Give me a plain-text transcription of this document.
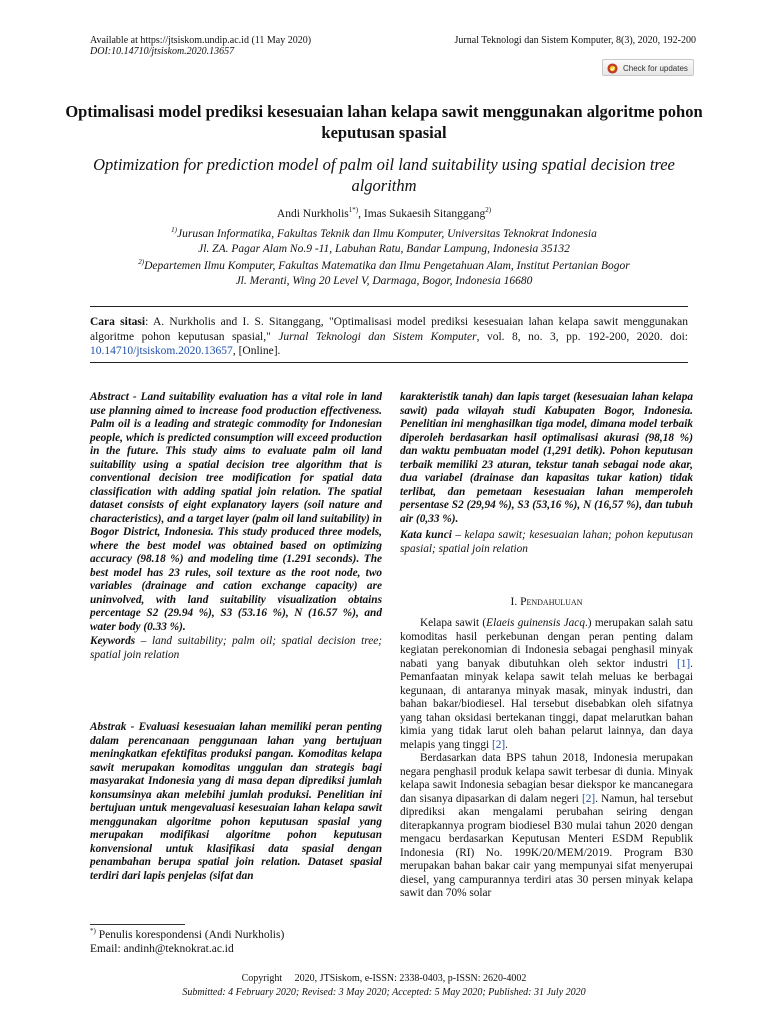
Available at https://jtsiskom.undip.ac.id (11 May 2020)
DOI:10.14710/jtsiskom.2020.13657
Jurnal Teknologi dan Sistem Komputer, 8(3), 2020, 192-200
Check for updates
Optimalisasi model prediksi kesesuaian lahan kelapa sawit menggunakan algoritme pohon keputusan spasial
Optimization for prediction model of palm oil land suitability using spatial decision tree algorithm
Andi Nurkholis$^{1*)}$, Imas Sukaesih Sitanggang$^{2)}$
$^{1)}$Jurusan Informatika, Fakultas Teknik dan Ilmu Komputer, Universitas Teknokrat Indonesia
Jl. ZA. Pagar Alam No.9 -11, Labuhan Ratu, Bandar Lampung, Indonesia 35132
$^{2)}$Departemen Ilmu Komputer, Fakultas Matematika dan Ilmu Pengetahuan Alam, Institut Pertanian Bogor
Jl. Meranti, Wing 20 Level V, Darmaga, Bogor, Indonesia 16680
Cara sitasi: A. Nurkholis and I. S. Sitanggang, "Optimalisasi model prediksi kesesuaian lahan kelapa sawit menggunakan algoritme pohon keputusan spasial," Jurnal Teknologi dan Sistem Komputer, vol. 8, no. 3, pp. 192-200, 2020. doi: 10.14710/jtsiskom.2020.13657, [Online].
Abstract - Land suitability evaluation has a vital role in land use planning aimed to increase food production effectiveness. Palm oil is a leading and strategic commodity for Indonesian people, which is predicted consumption will exceed production in the future. This study aims to evaluate palm oil land suitability using a spatial decision tree algorithm that is conventional decision tree modification for spatial data classification with adding spatial join relation. The spatial dataset consists of eight explanatory layers (soil nature and characteristics), and a target layer (palm oil land suitability) in Bogor District, Indonesia. This study produced three models, where the best model was obtained based on optimizing accuracy (98.18 %) and modeling time (1.291 seconds). The best model has 23 rules, soil texture as the root node, two variables (drainage and cation exchange capacity) are uninvolved, with land suitability visualization obtains percentage S2 (29.94 %), S3 (53.16 %), N (16.57 %), and water body (0.33 %).
Keywords – land suitability; palm oil; spatial decision tree; spatial join relation
Abstrak - Evaluasi kesesuaian lahan memiliki peran penting dalam perencanaan penggunaan lahan yang bertujuan meningkatkan efektifitas produksi pangan. Komoditas kelapa sawit merupakan komoditas unggulan dan strategis bagi masyarakat Indonesia yang di masa depan diprediksi jumlah konsumsinya akan melebihi jumlah produksi. Penelitian ini bertujuan untuk mengevaluasi kesesuaian lahan kelapa sawit menggunakan algoritme pohon keputusan spasial yang merupakan modifikasi algoritme pohon keputusan konvensional untuk klasifikasi data spasial dengan penambahan berupa spatial join relation. Dataset spasial terdiri dari lapis penjelas (sifat dan
*) Penulis korespondensi (Andi Nurkholis)
Email: andinh@teknokrat.ac.id
karakteristik tanah) dan lapis target (kesesuaian lahan kelapa sawit) pada wilayah studi Kabupaten Bogor, Indonesia. Penelitian ini menghasilkan tiga model, dimana model terbaik diperoleh berdasarkan hasil optimalisasi akurasi (98,18 %) dan waktu pembuatan model (1,291 detik). Pohon keputusan terbaik memiliki 23 aturan, tekstur tanah sebagai node akar, dua variabel (drainase dan kapasitas tukar kation) tidak terlibat, dan pemetaan kesesuaian lahan memperoleh persentase S2 (29,94 %), S3 (53,16 %), N (16,57 %), dan tubuh air (0,33 %).
Kata kunci – kelapa sawit; kesesuaian lahan; pohon keputusan spasial; spatial join relation
I. Pendahuluan

Kelapa sawit (Elaeis guinensis Jacq.) merupakan salah satu komoditas hasil perkebunan dengan peran penting dalam kegiatan perekonomian di Indonesia sebagai penghasil minyak nabati yang banyak dibutuhkan oleh sektor industri [1]. Pemanfaatan minyak kelapa sawit telah meluas ke berbagai kegunaan, di antaranya minyak masak, minyak industri, dan bahan bakar/biodiesel. Hal tersebut disebabkan oleh sifatnya yang tahan oksidasi bertekanan tinggi, dapat melarutkan bahan kimia yang tidak larut oleh bahan pelarut lainnya, dan daya melapis yang tinggi [2].

Berdasarkan data BPS tahun 2018, Indonesia merupakan negara penghasil produk kelapa sawit terbesar di dunia. Minyak kelapa sawit Indonesia sebagian besar diekspor ke mancanegara dan sisanya dipasarkan di dalam negeri [2]. Namun, hal tersebut diprediksi akan mengalami perubahan seiring dengan diterapkannya program biodiesel B30 mulai tahun 2020 dengan mengacu berdasarkan Keputusan Menteri ESDM Republik Indonesia (RI) No. 199K/20/MEM/2019. Program B30 merupakan bahan bakar cair yang mempunyai sifat menyerupai diesel, yang campurannya terdiri atas 30 persen minyak kelapa sawit dan 70% solar

Copyright     2020, JTSiskom, e-ISSN: 2338-0403, p-ISSN: 2620-4002
Submitted: 4 February 2020; Revised: 3 May 2020; Accepted: 5 May 2020; Published: 31 July 2020
